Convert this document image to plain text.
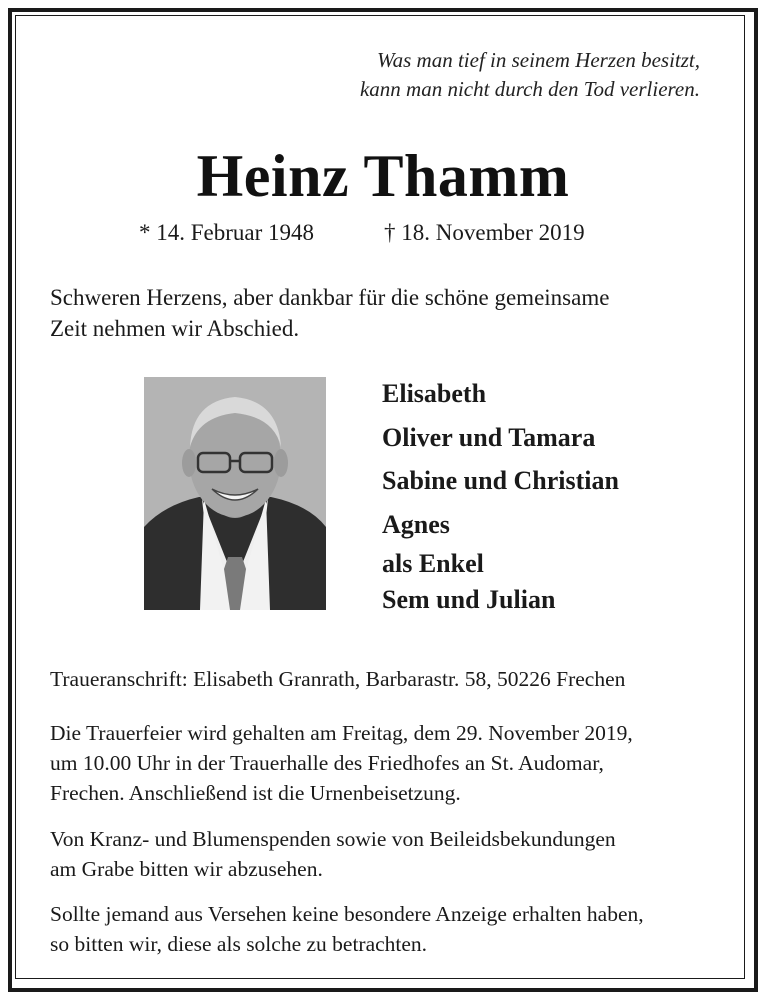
Was man tief in seinem Herzen besitzt,
kann man nicht durch den Tod verlieren.
Heinz Thamm
* 14. Februar 1948	† 18. November 2019
Schweren Herzens, aber dankbar für die schöne gemeinsame
Zeit nehmen wir Abschied.
Elisabeth
Oliver und Tamara
Sabine und Christian
Agnes
als Enkel
Sem und Julian
Traueranschrift: Elisabeth Granrath, Barbarastr. 58, 50226 Frechen
Die Trauerfeier wird gehalten am Freitag, dem 29. November 2019,
um 10.00 Uhr in der Trauerhalle des Friedhofes an St. Audomar,
Frechen. Anschließend ist die Urnenbeisetzung.
Von Kranz- und Blumenspenden sowie von Beileidsbekundungen
am Grabe bitten wir abzusehen.
Sollte jemand aus Versehen keine besondere Anzeige erhalten haben,
so bitten wir, diese als solche zu betrachten.
